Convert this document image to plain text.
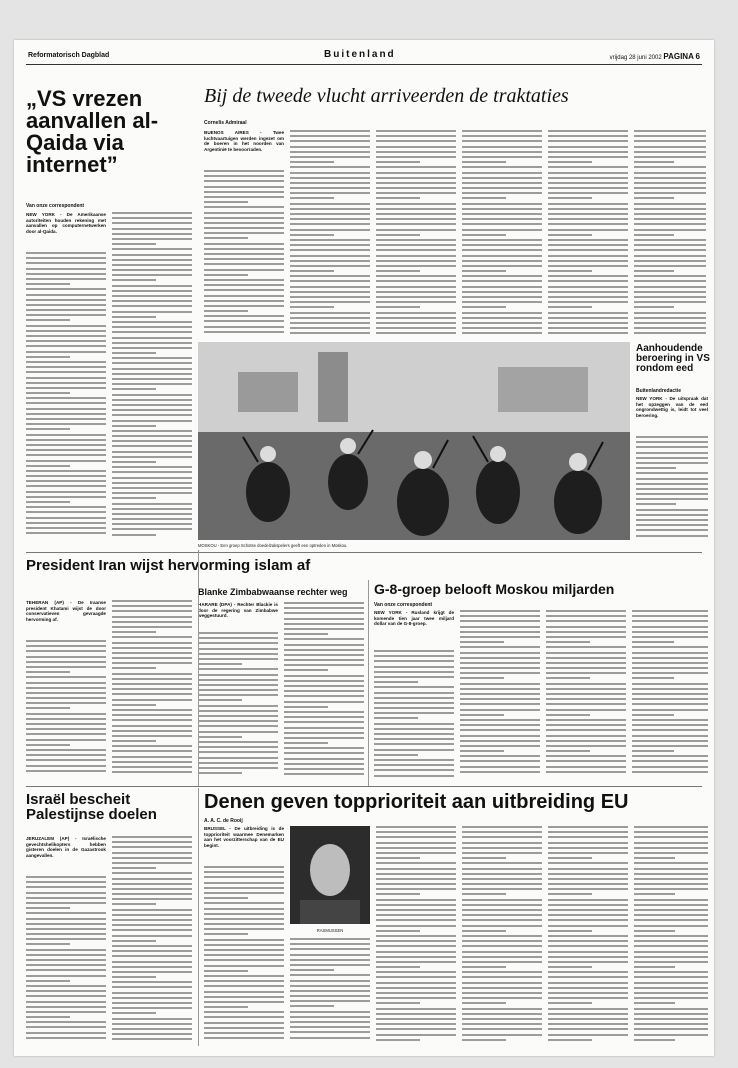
Reformatorisch Dagblad	Buitenland	vrijdag 28 juni 2002 PAGINA 6
„VS vrezen aanvallen al-Qaida via internet”
Van onze correspondent
NEW YORK - De Amerikaanse autoriteiten houden rekening met aanvallen op computernetwerken door al-Qaida.
Bij de tweede vlucht arriveerden de traktaties
Cornelis Admiraal
BUENOS AIRES - Twee luchtvaartuigen werden ingezet om de boeren in het noorden van Argentinië te bevoorraden.
MOSKOU - Een groep Schotse doedelzakspelers geeft een optreden in Moskou.
Aanhoudende beroering in VS rondom eed
Buitenlandredactie
NEW YORK - De uitspraak dat het opzeggen van de eed ongrondwettig is, leidt tot veel beroering.
President Iran wijst hervorming islam af
TEHERAN (AP) - De Iraanse president Khatami wijst de door conservatieven gevraagde hervorming af.
Blanke Zimbabwaanse rechter weg
HARARE (DPA) - Rechter Blackie is door de regering van Zimbabwe weggestuurd.
G-8-groep belooft Moskou miljarden
Van onze correspondent
NEW YORK - Rusland krijgt de komende tien jaar twee miljard dollar van de G-8-groep.
Israël bescheit Palestijnse doelen
JERUZALEM (AP) - Israëlische gevechtshelikopters hebben gisteren doelen in de Gazastrook aangevallen.
Denen geven topprioriteit aan uitbreiding EU
A. A. C. de Rooij
BRUSSEL - De uitbreiding is de topprioriteit waarmee Denemarken aan het voorzitterschap van de EU begint.
RASMUSSEN
